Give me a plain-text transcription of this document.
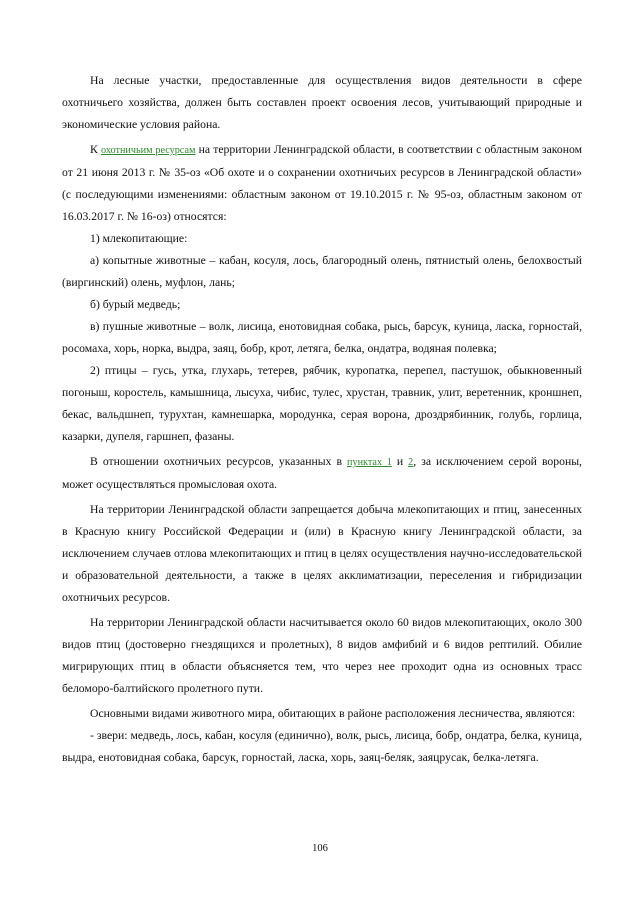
На лесные участки, предоставленные для осуществления видов деятельности в сфере охотничьего хозяйства, должен быть составлен проект освоения лесов, учитывающий природные и экономические условия района.

К охотничьим ресурсам на территории Ленинградской области, в соответствии с областным законом от 21 июня 2013 г. № 35-оз «Об охоте и о сохранении охотничьих ресурсов в Ленинградской области» (с последующими изменениями: областным законом от 19.10.2015 г. № 95-оз, областным законом от 16.03.2017 г. № 16-оз) относятся:

1) млекопитающие:

а) копытные животные – кабан, косуля, лось, благородный олень, пятнистый олень, белохвостый (виргинский) олень, муфлон, лань;

б) бурый медведь;

в) пушные животные – волк, лисица, енотовидная собака, рысь, барсук, куница, ласка, горностай, росомаха, хорь, норка, выдра, заяц, бобр, крот, летяга, белка, ондатра, водяная полевка;

2) птицы – гусь, утка, глухарь, тетерев, рябчик, куропатка, перепел, пастушок, обыкновенный погоныш, коростель, камышница, лысуха, чибис, тулес, хрустан, травник, улит, веретенник, кроншнеп, бекас, вальдшнеп, турухтан, камнешарка, мородунка, серая ворона, дроздрябинник, голубь, горлица, казарки, дупеля, гаршнеп, фазаны.

В отношении охотничьих ресурсов, указанных в пунктах 1 и 2, за исключением серой вороны, может осуществляться промысловая охота.

На территории Ленинградской области запрещается добыча млекопитающих и птиц, занесенных в Красную книгу Российской Федерации и (или) в Красную книгу Ленинградской области, за исключением случаев отлова млекопитающих и птиц в целях осуществления научно-исследовательской и образовательной деятельности, а также в целях акклиматизации, переселения и гибридизации охотничьих ресурсов.

На территории Ленинградской области насчитывается около 60 видов млекопитающих, около 300 видов птиц (достоверно гнездящихся и пролетных), 8 видов амфибий и 6 видов рептилий. Обилие мигрирующих птиц в области объясняется тем, что через нее проходит одна из основных трасс беломоро-балтийского пролетного пути.

Основными видами животного мира, обитающих в районе расположения лесничества, являются:

- звери: медведь, лось, кабан, косуля (единично), волк, рысь, лисица, бобр, ондатра, белка, куница, выдра, енотовидная собака, барсук, горностай, ласка, хорь, заяц-беляк, заяцрусак, белка-летяга.

106
